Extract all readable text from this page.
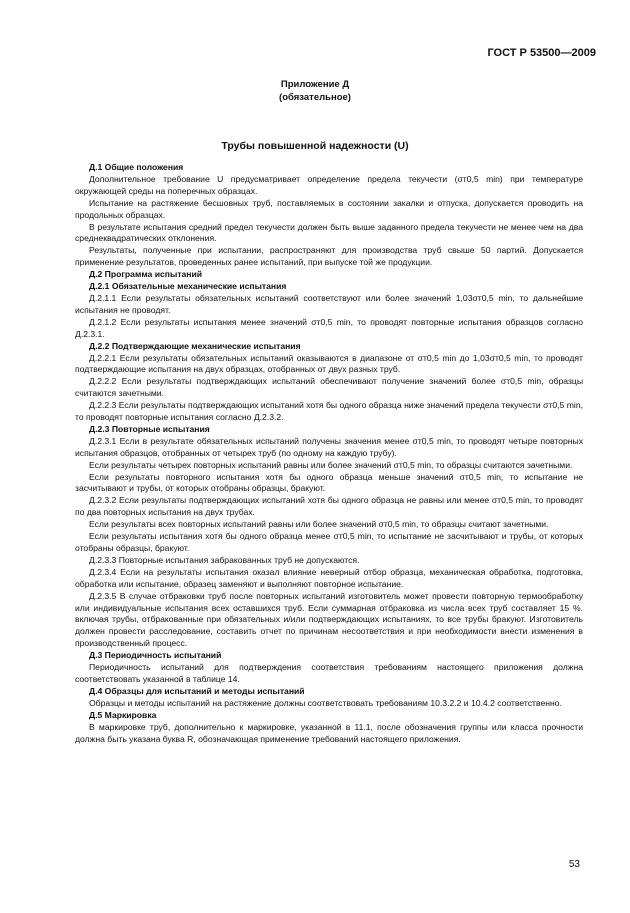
ГОСТ Р 53500—2009
Приложение Д
(обязательное)
Трубы повышенной надежности (U)

Д.1 Общие положения

Дополнительное требование U предусматривает определение предела текучести (σт0,5 min) при температуре окружающей среды на поперечных образцах.

Испытание на растяжение бесшовных труб, поставляемых в состоянии закалки и отпуска, допускается проводить на продольных образцах.

В результате испытания средний предел текучести должен быть выше заданного предела текучести не менее чем на два среднеквадратических отклонения.

Результаты, полученные при испытании, распространяют для производства труб свыше 50 партий. Допускается применение результатов, проведенных ранее испытаний, при выпуске той же продукции.

Д.2 Программа испытаний

Д.2.1 Обязательные механические испытания

Д.2.1.1 Если результаты обязательных испытаний соответствуют или более значений 1,03σт0,5 min, то дальнейшие испытания не проводят.

Д.2.1.2 Если результаты испытания менее значений σт0,5 min, то проводят повторные испытания образцов согласно Д.2.3.1.

Д.2.2 Подтверждающие механические испытания

Д.2.2.1 Если результаты обязательных испытаний оказываются в диапазоне от σт0,5 min до 1,03σт0,5 min, то проводят подтверждающие испытания на двух образцах, отобранных от двух разных труб.

Д.2.2.2 Если результаты подтверждающих испытаний обеспечивают получение значений более σт0,5 min, образцы считаются зачетными.

Д.2.2.3 Если результаты подтверждающих испытаний хотя бы одного образца ниже значений предела текучести σт0,5 min, то проводят повторные испытания согласно Д.2.3.2.

Д.2.3 Повторные испытания

Д.2.3.1 Если в результате обязательных испытаний получены значения менее σт0,5 min, то проводят четыре повторных испытания образцов, отобранных от четырех труб (по одному на каждую трубу).

Если результаты четырех повторных испытаний равны или более значений σт0,5 min, то образцы считаются зачетными.

Если результаты повторного испытания хотя бы одного образца меньше значений σт0,5 min, то испытание не засчитывают и трубы, от которых отобраны образцы, бракуют.

Д.2.3.2 Если результаты подтверждающих испытаний хотя бы одного образца не равны или менее σт0,5 min, то проводят по два повторных испытания на двух трубах.

Если результаты всех повторных испытаний равны или более значений σт0,5 min, то образцы считают зачетными.

Если результаты испытания хотя бы одного образца менее σт0,5 min, то испытание не засчитывают и трубы, от которых отобраны образцы, бракуют.

Д.2.3.3 Повторные испытания забракованных труб не допускаются.

Д.2.3.4 Если на результаты испытания оказал влияние неверный отбор образца, механическая обработка, подготовка, обработка или испытание, образец заменяют и выполняют повторное испытание.

Д.2.3.5 В случае отбраковки труб после повторных испытаний изготовитель может провести повторную термообработку или индивидуальные испытания всех оставшихся труб. Если суммарная отбраковка из числа всех труб составляет 15 %. включая трубы, отбракованные при обязательных и/или подтверждающих испытаниях, то все трубы бракуют. Изготовитель должен провести расследование, составить отчет по причинам несоответствия и при необходимости внести изменения в производственный процесс.

Д.3 Периодичность испытаний

Периодичность испытаний для подтверждения соответствия требованиям настоящего приложения должна соответствовать указанной в таблице 14.

Д.4 Образцы для испытаний и методы испытаний

Образцы и методы испытаний на растяжение должны соответствовать требованиям 10.3.2.2 и 10.4.2 соответственно.

Д.5 Маркировка

В маркировке труб, дополнительно к маркировке, указанной в 11.1, после обозначения группы или класса прочности должна быть указана буква R, обозначающая применение требований настоящего приложения.

53
